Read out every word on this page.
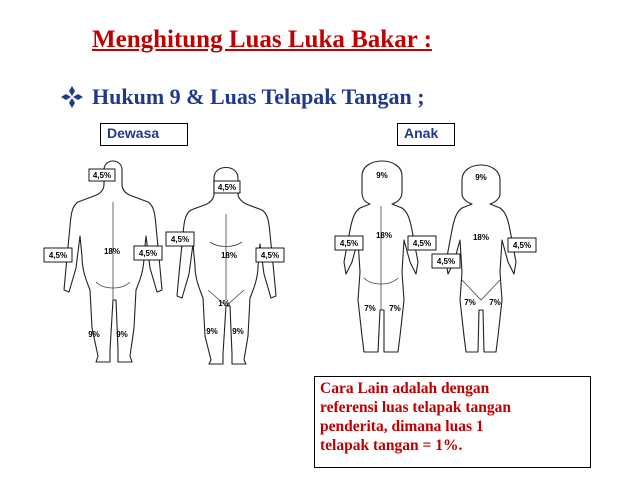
Menghitung Luas Luka Bakar :
Hukum 9 & Luas Telapak Tangan ;
Dewasa	Anak
4,5%
18%
4,5%	4,5%
9% 9%
4,5%
4,5%
18%	4,5%
1%
9% 9%
9%
18%
4,5%	4,5%
7% 7%
9%
18%
4,5%
4,5%
7% 7%
Cara Lain adalah dengan
referensi luas telapak tangan
penderita, dimana luas 1
telapak tangan = 1%.
